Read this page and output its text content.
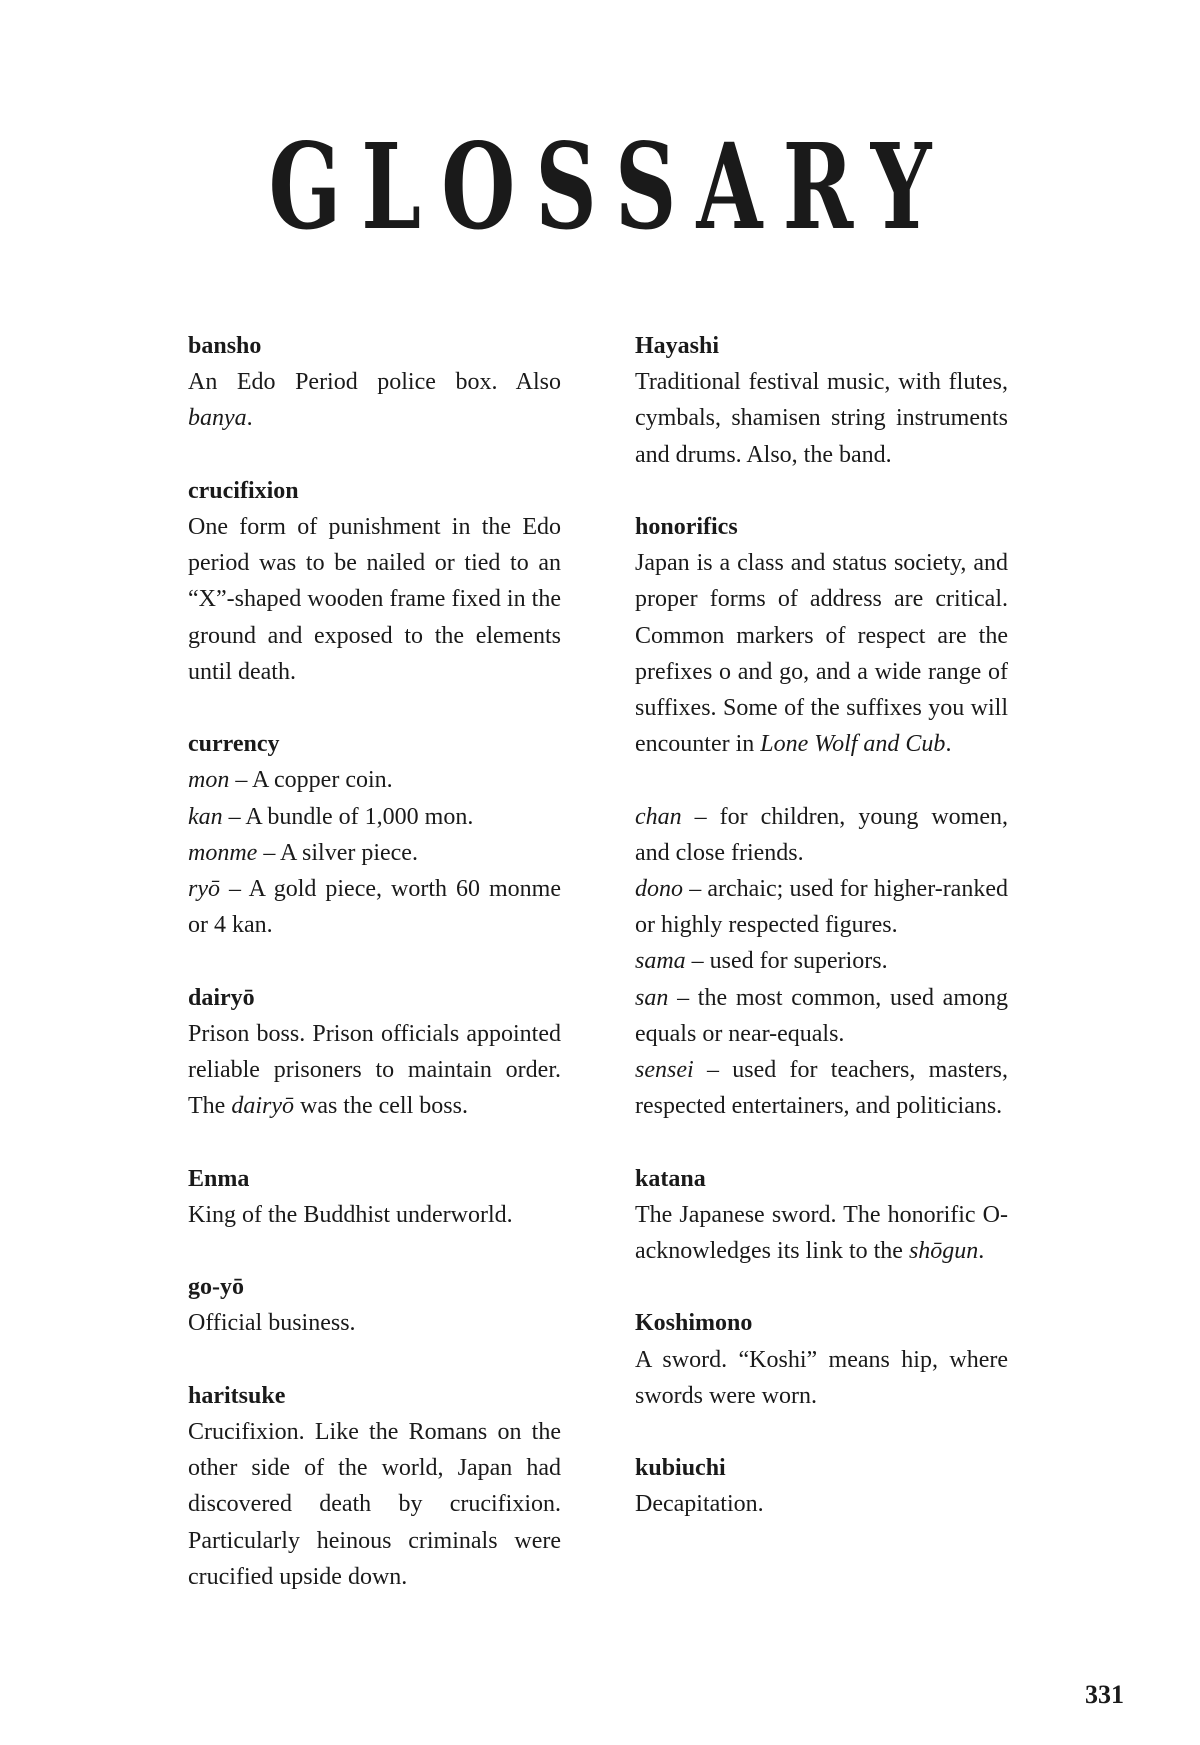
GLOSSARY
bansho
An Edo Period police box. Also banya.
crucifixion
One form of punishment in the Edo period was to be nailed or tied to an “X”-shaped wooden frame fixed in the ground and exposed to the elements until death.
currency
mon – A copper coin.
kan – A bundle of 1,000 mon.
monme – A silver piece.
ryō – A gold piece, worth 60 monme or 4 kan.
dairyō
Prison boss. Prison officials appointed reliable prisoners to maintain order. The dairyō was the cell boss.
Enma
King of the Buddhist underworld.
go-yō
Official business.
haritsuke
Crucifixion. Like the Romans on the other side of the world, Japan had discovered death by crucifixion. Particularly heinous criminals were crucified upside down.
Hayashi
Traditional festival music, with flutes, cymbals, shamisen string instruments and drums. Also, the band.
honorifics
Japan is a class and status society, and proper forms of address are critical. Common markers of respect are the prefixes o and go, and a wide range of suffixes. Some of the suffixes you will encounter in Lone Wolf and Cub.
chan – for children, young women, and close friends.
dono – archaic; used for higher-ranked or highly respected figures.
sama – used for superiors.
san – the most common, used among equals or near-equals.
sensei – used for teachers, masters, respected entertainers, and politicians.
katana
The Japanese sword. The honorific O- acknowledges its link to the shōgun.
Koshimono
A sword. “Koshi” means hip, where swords were worn.
kubiuchi
Decapitation.
331
